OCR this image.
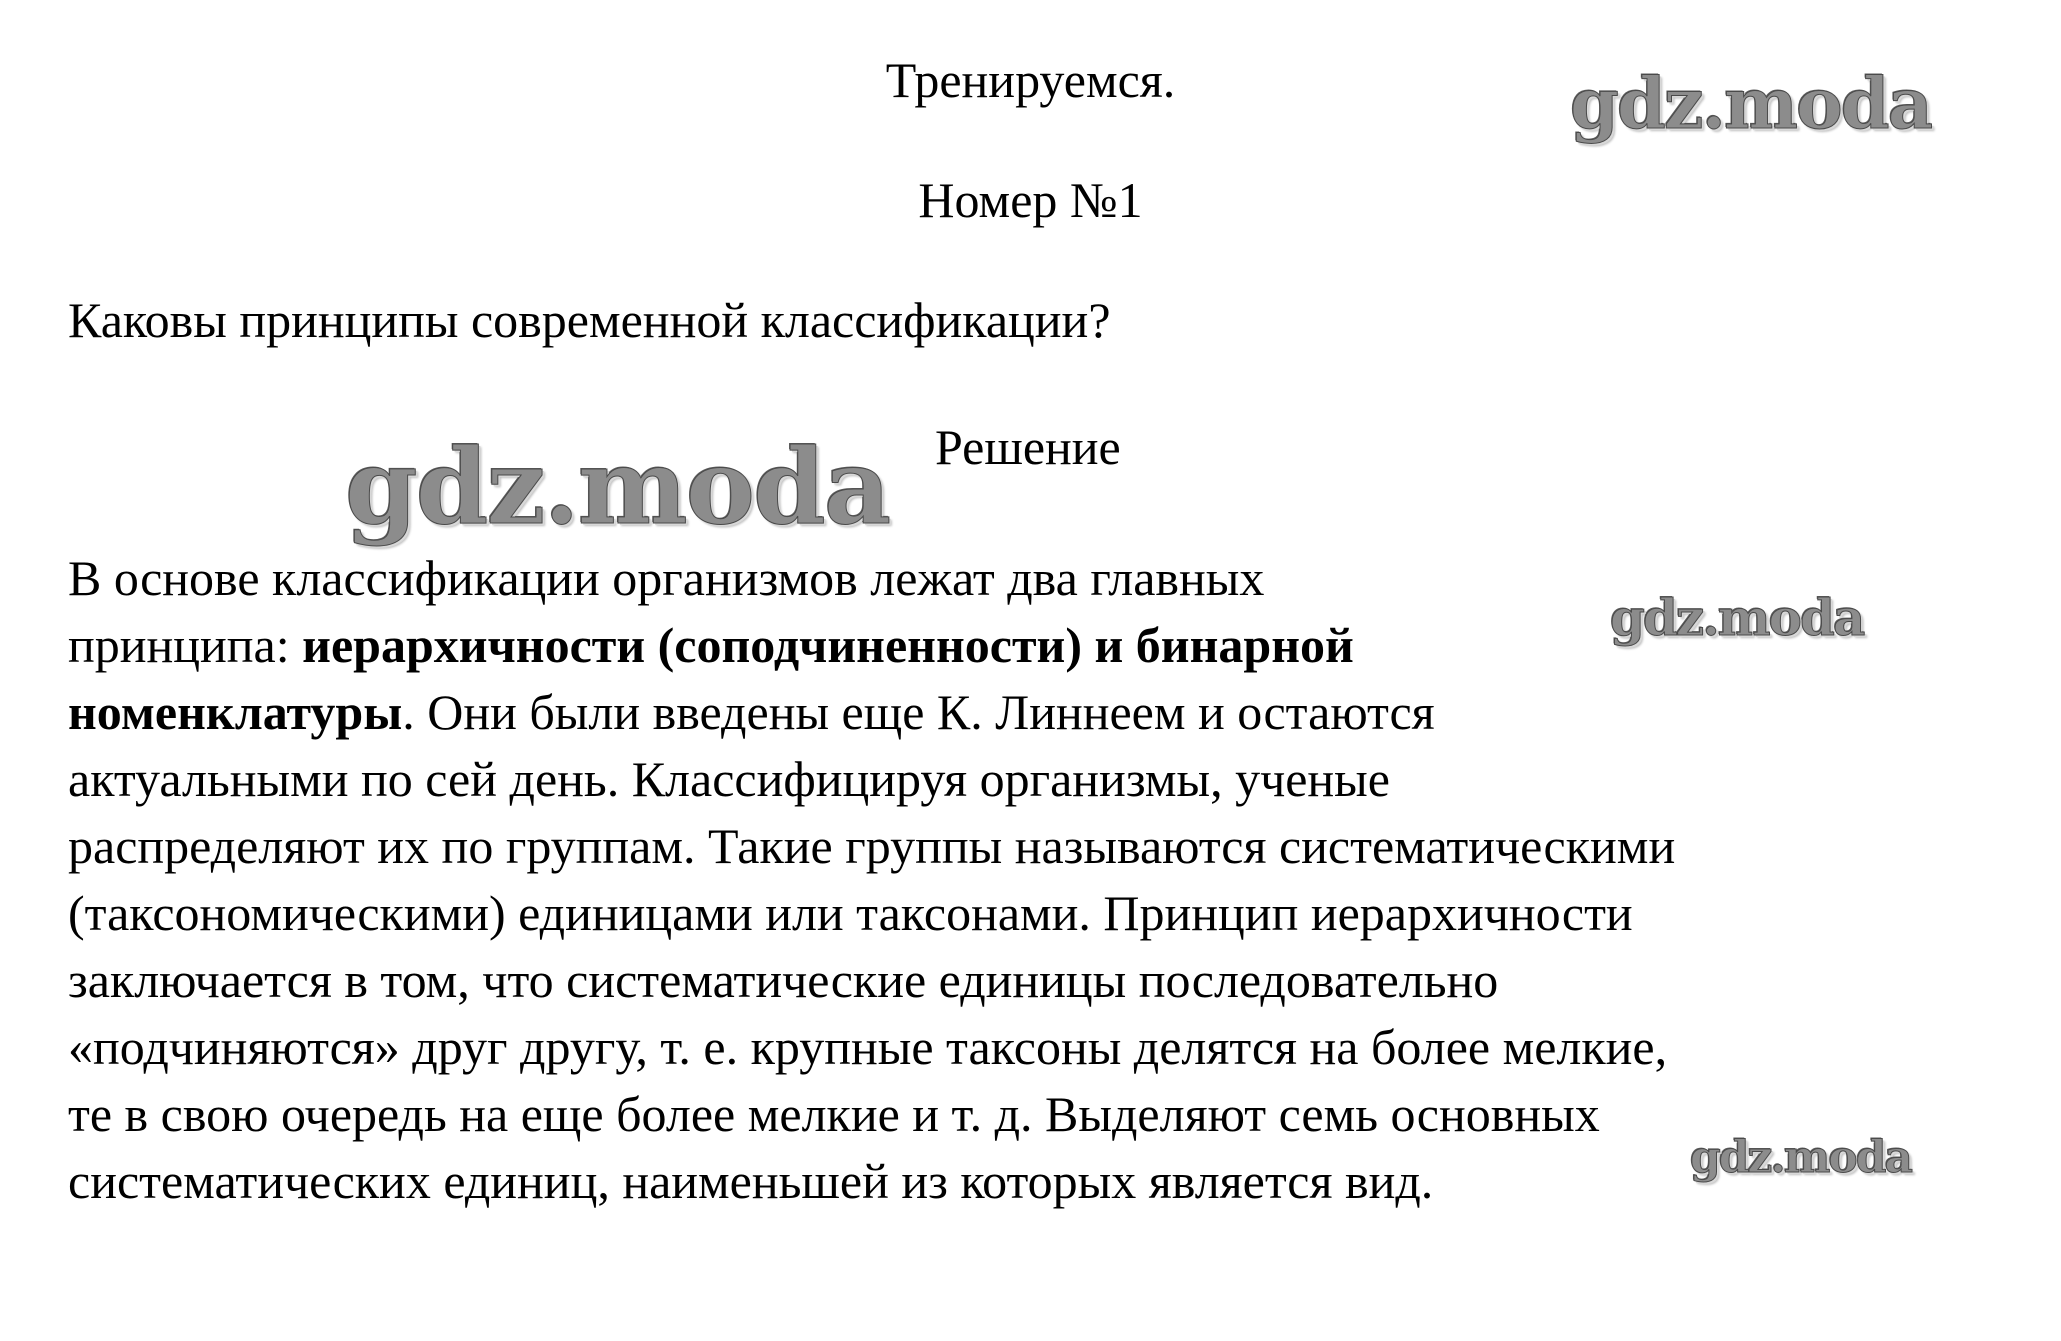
Тренируемся.
Номер №1
Каковы принципы современной классификации?
gdz.moda Решение
В основе классификации организмов лежат два главных
принципа: иерархичности (соподчиненности) и бинарной
номенклатуры. Они были введены еще К. Линнеем и остаются
актуальными по сей день. Классифицируя организмы, ученые
распределяют их по группам. Такие группы называются систематическими
(таксономическими) единицами или таксонами. Принцип иерархичности
заключается в том, что систематические единицы последовательно
«подчиняются» друг другу, т. е. крупные таксоны делятся на более мелкие,
те в свою очередь на еще более мелкие и т. д. Выделяют семь основных
систематических единиц, наименьшей из которых является вид.
gdz.moda
gdz.moda
gdz.moda
